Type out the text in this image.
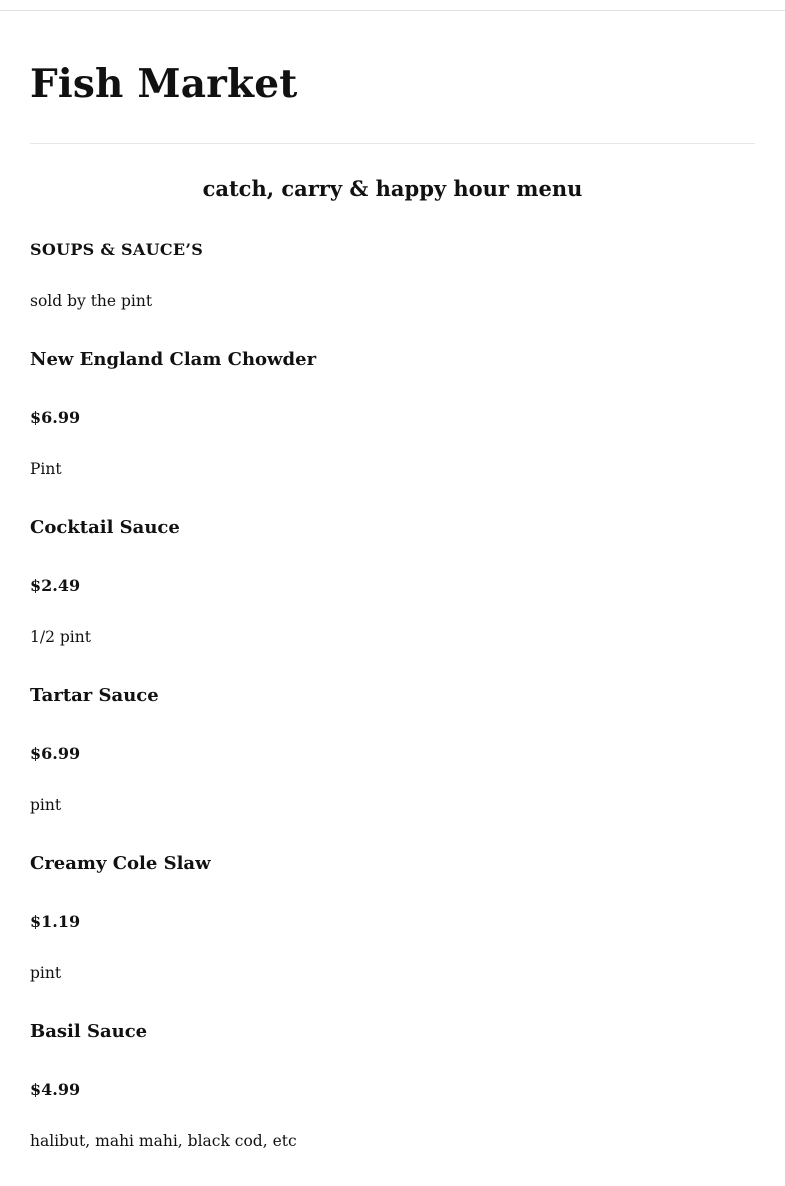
Fish Market
catch, carry & happy hour menu
SOUPS & SAUCE’S

sold by the pint

New England Clam Chowder

$6.99

Pint

Cocktail Sauce

$2.49

1/2 pint

Tartar Sauce

$6.99

pint

Creamy Cole Slaw

$1.19

pint

Basil Sauce

$4.99

halibut, mahi mahi, black cod, etc
